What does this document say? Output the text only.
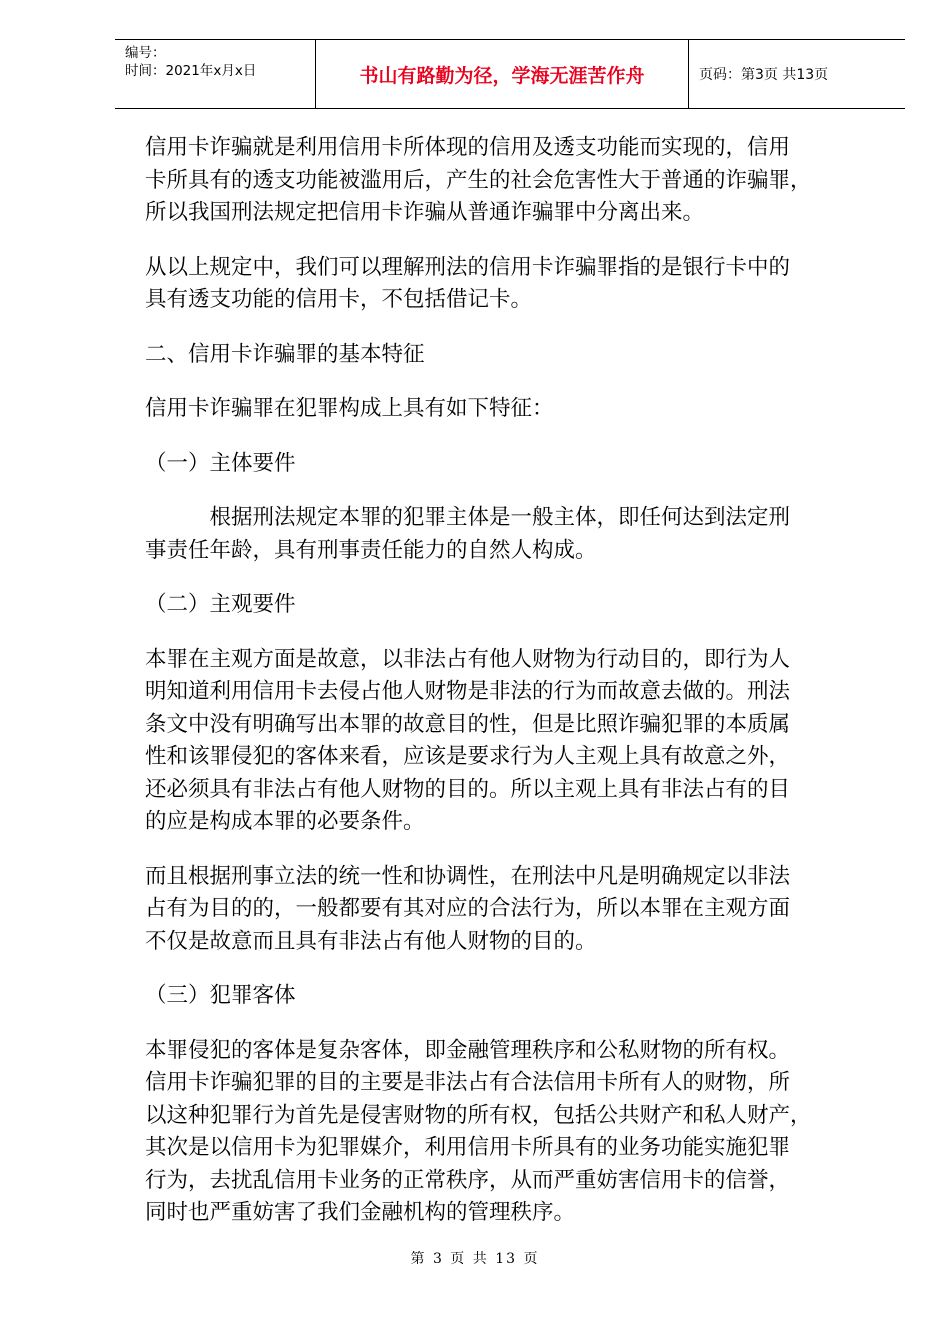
编号：
时间：2021年x月x日	书山有路勤为径，学海无涯苦作舟	页码：第3页 共13页
信用卡诈骗就是利用信用卡所体现的信用及透支功能而实现的，信用
卡所具有的透支功能被滥用后，产生的社会危害性大于普通的诈骗罪，
所以我国刑法规定把信用卡诈骗从普通诈骗罪中分离出来。
从以上规定中，我们可以理解刑法的信用卡诈骗罪指的是银行卡中的
具有透支功能的信用卡，不包括借记卡。
二、信用卡诈骗罪的基本特征
信用卡诈骗罪在犯罪构成上具有如下特征：
（一）主体要件
　　　根据刑法规定本罪的犯罪主体是一般主体，即任何达到法定刑
事责任年龄，具有刑事责任能力的自然人构成。
（二）主观要件
本罪在主观方面是故意，以非法占有他人财物为行动目的，即行为人
明知道利用信用卡去侵占他人财物是非法的行为而故意去做的。刑法
条文中没有明确写出本罪的故意目的性，但是比照诈骗犯罪的本质属
性和该罪侵犯的客体来看，应该是要求行为人主观上具有故意之外，
还必须具有非法占有他人财物的目的。所以主观上具有非法占有的目
的应是构成本罪的必要条件。
而且根据刑事立法的统一性和协调性，在刑法中凡是明确规定以非法
占有为目的的，一般都要有其对应的合法行为，所以本罪在主观方面
不仅是故意而且具有非法占有他人财物的目的。
（三）犯罪客体
本罪侵犯的客体是复杂客体，即金融管理秩序和公私财物的所有权。
信用卡诈骗犯罪的目的主要是非法占有合法信用卡所有人的财物，所
以这种犯罪行为首先是侵害财物的所有权，包括公共财产和私人财产，
其次是以信用卡为犯罪媒介，利用信用卡所具有的业务功能实施犯罪
行为，去扰乱信用卡业务的正常秩序，从而严重妨害信用卡的信誉，
同时也严重妨害了我们金融机构的管理秩序。
第 3 页 共 13 页
